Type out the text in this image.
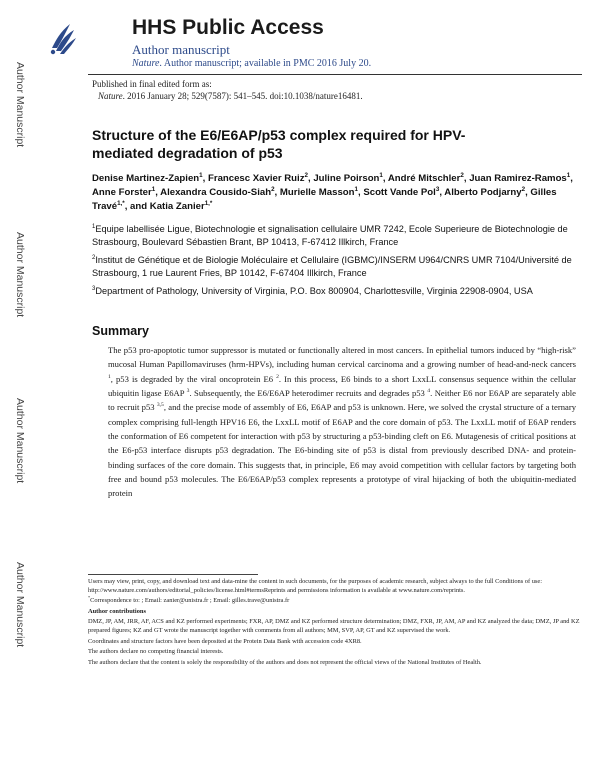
Author Manuscript
Author Manuscript
Author Manuscript
Author Manuscript
HHS Public Access
Author manuscript
Nature. Author manuscript; available in PMC 2016 July 20.
Published in final edited form as:
Nature. 2016 January 28; 529(7587): 541–545. doi:10.1038/nature16481.
Structure of the E6/E6AP/p53 complex required for HPV-mediated degradation of p53
Denise Martinez-Zapien$^1$, Francesc Xavier Ruiz$^2$, Juline Poirson$^1$, André Mitschler$^2$, Juan Ramirez-Ramos$^1$, Anne Forster$^1$, Alexandra Cousido-Siah$^2$, Murielle Masson$^1$, Scott Vande Pol$^3$, Alberto Podjarny$^2$, Gilles Travé$^{1,*}$, and Katia Zanier$^{1,*}$

$^1$Equipe labellisée Ligue, Biotechnologie et signalisation cellulaire UMR 7242, Ecole Superieure de Biotechnologie de Strasbourg, Boulevard Sébastien Brant, BP 10413, F-67412 Illkirch, France

$^2$Institut de Génétique et de Biologie Moléculaire et Cellulaire (IGBMC)/INSERM U964/CNRS UMR 7104/Université de Strasbourg, 1 rue Laurent Fries, BP 10142, F-67404 Illkirch, France

$^3$Department of Pathology, University of Virginia, P.O. Box 800904, Charlottesville, Virginia 22908-0904, USA

Summary
The p53 pro-apoptotic tumor suppressor is mutated or functionally altered in most cancers. In epithelial tumors induced by “high-risk” mucosal Human Papillomaviruses (hrm-HPVs), including human cervical carcinoma and a growing number of head-and-neck cancers $^1$, p53 is degraded by the viral oncoprotein E6 $^2$. In this process, E6 binds to a short LxxLL consensus sequence within the cellular ubiquitin ligase E6AP $^3$. Subsequently, the E6/E6AP heterodimer recruits and degrades p53 $^4$. Neither E6 nor E6AP are separately able to recruit p53 $^{3,5}$, and the precise mode of assembly of E6, E6AP and p53 is unknown. Here, we solved the crystal structure of a ternary complex comprising full-length HPV16 E6, the LxxLL motif of E6AP and the core domain of p53. The LxxLL motif of E6AP renders the conformation of E6 competent for interaction with p53 by structuring a p53-binding cleft on E6. Mutagenesis of critical positions at the E6-p53 interface disrupts p53 degradation. The E6-binding site of p53 is distal from previously described DNA- and protein-binding surfaces of the core domain. This suggests that, in principle, E6 may avoid competition with cellular factors by targeting both free and bound p53 molecules. The E6/E6AP/p53 complex represents a prototype of viral hijacking of both the ubiquitin-mediated protein

Users may view, print, copy, and download text and data-mine the content in such documents, for the purposes of academic research, subject always to the full Conditions of use: http://www.nature.com/authors/editorial_policies/license.html#termsReprints and permissions information is available at www.nature.com/reprints.

*Correspondence to: ; Email: zanier@unistra.fr ; Email: gilles.trave@unistra.fr

Author contributions

DMZ, JP, AM, JRR, AF, ACS and KZ performed experiments; FXR, AP, DMZ and KZ performed structure determination; DMZ, FXR, JP, AM, AP and KZ analyzed the data; DMZ, JP and KZ prepared figures; KZ and GT wrote the manuscript together with comments from all authors; MM, SVP, AP, GT and KZ supervised the work.

Coordinates and structure factors have been deposited at the Protein Data Bank with accession code 4XR8.

The authors declare no competing financial interests.

The authors declare that the content is solely the responsibility of the authors and does not represent the official views of the National Institutes of Health.
